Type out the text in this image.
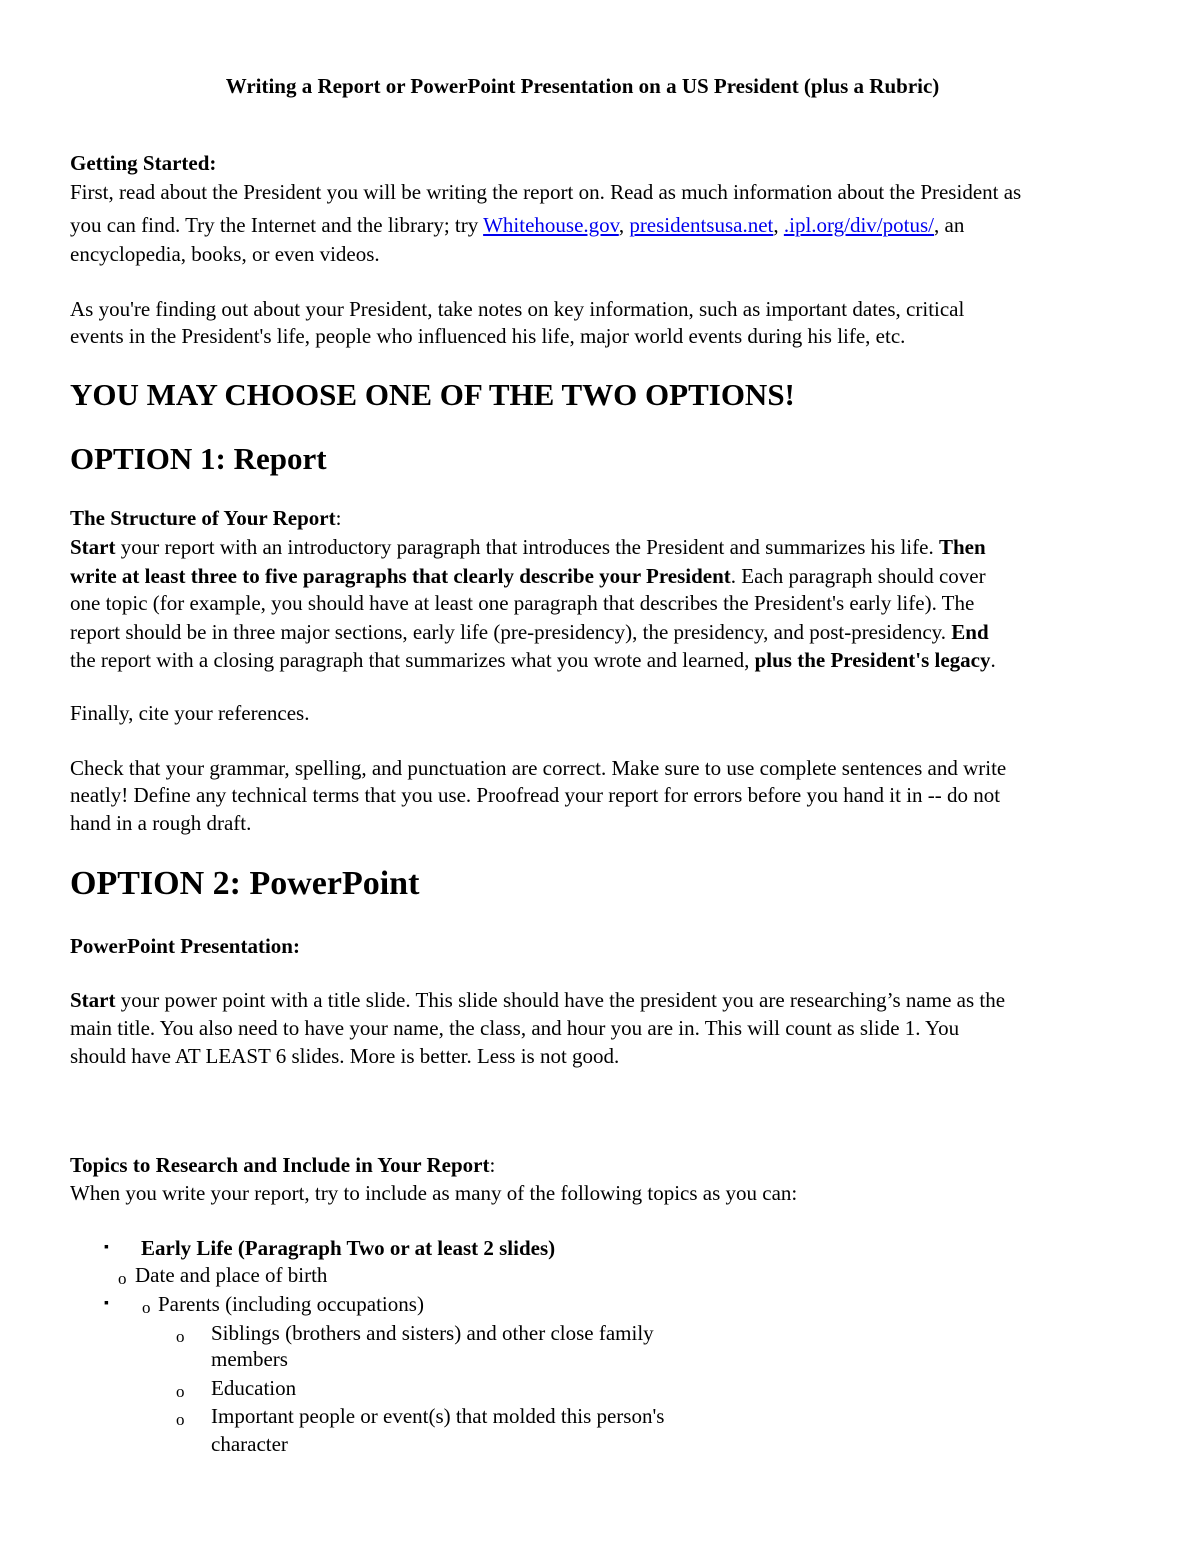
Writing a Report or PowerPoint Presentation on a US President (plus a Rubric)

Getting Started:

First, read about the President you will be writing the report on. Read as much information about the President as

you can find. Try the Internet and the library; try Whitehouse.gov, presidentsusa.net, .ipl.org/div/potus/, an

encyclopedia, books, or even videos.

As you're finding out about your President, take notes on key information, such as important dates, critical

events in the President's life, people who influenced his life, major world events during his life, etc.

YOU MAY CHOOSE ONE OF THE TWO OPTIONS!

OPTION 1: Report

The Structure of Your Report:

Start your report with an introductory paragraph that introduces the President and summarizes his life. Then

write at least three to five paragraphs that clearly describe your President. Each paragraph should cover

one topic (for example, you should have at least one paragraph that describes the President's early life). The

report should be in three major sections, early life (pre-presidency), the presidency, and post-presidency. End

the report with a closing paragraph that summarizes what you wrote and learned, plus the President's legacy.

Finally, cite your references.

Check that your grammar, spelling, and punctuation are correct. Make sure to use complete sentences and write

neatly! Define any technical terms that you use. Proofread your report for errors before you hand it in -- do not

hand in a rough draft.

OPTION 2: PowerPoint

PowerPoint Presentation:

Start your power point with a title slide. This slide should have the president you are researching’s name as the

main title. You also need to have your name, the class, and hour you are in. This will count as slide 1. You

should have AT LEAST 6 slides. More is better. Less is not good.

Topics to Research and Include in Your Report:

When you write your report, try to include as many of the following topics as you can:

▪ Early Life (Paragraph Two or at least 2 slides)

o Date and place of birth

▪ o Parents (including occupations)

o Siblings (brothers and sisters) and other close family

members

o Education

o Important people or event(s) that molded this person's

character
